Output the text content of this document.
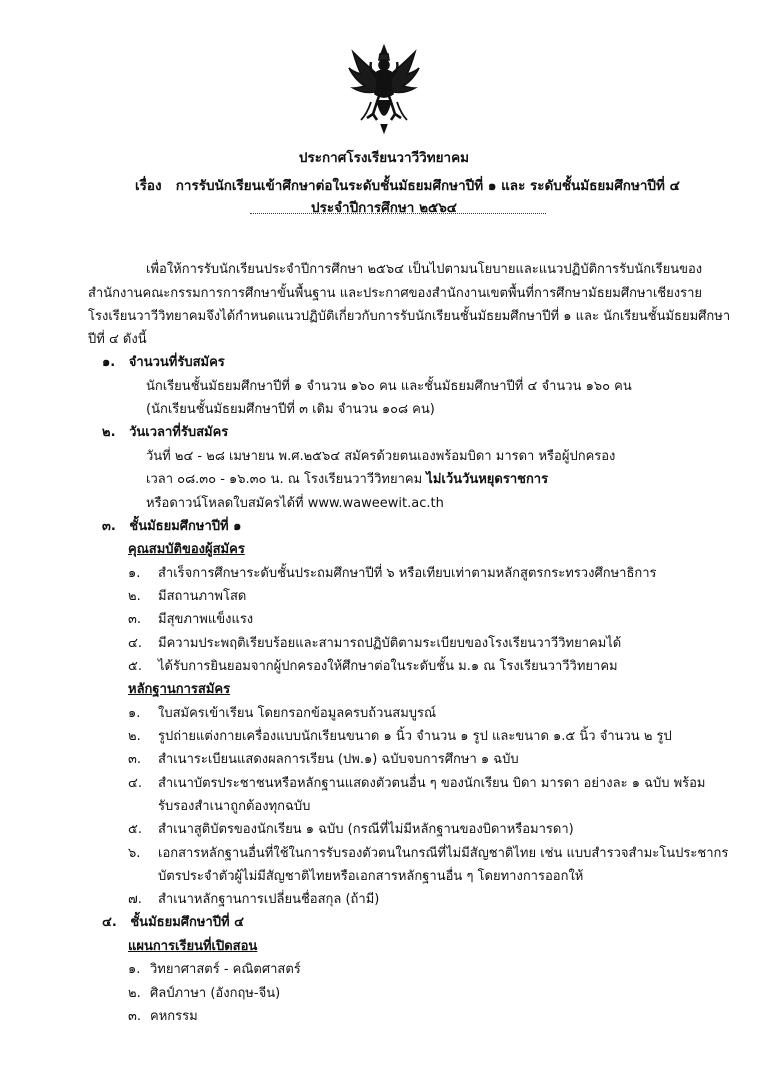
ประกาศโรงเรียนวาวีวิทยาคม
เรื่อง การรับนักเรียนเข้าศึกษาต่อในระดับชั้นมัธยมศึกษาปีที่ ๑ และ ระดับชั้นมัธยมศึกษาปีที่ ๔
ประจำปีการศึกษา ๒๕๖๔
เพื่อให้การรับนักเรียนประจำปีการศึกษา ๒๕๖๔ เป็นไปตามนโยบายและแนวปฏิบัติการรับนักเรียนของ
สำนักงานคณะกรรมการการศึกษาขั้นพื้นฐาน และประกาศของสำนักงานเขตพื้นที่การศึกษามัธยมศึกษาเชียงราย
โรงเรียนวาวีวิทยาคมจึงได้กำหนดแนวปฏิบัติเกี่ยวกับการรับนักเรียนชั้นมัธยมศึกษาปีที่ ๑ และ นักเรียนชั้นมัธยมศึกษา
ปีที่ ๔ ดังนี้
๑. จำนวนที่รับสมัคร
นักเรียนชั้นมัธยมศึกษาปีที่ ๑ จำนวน ๑๖๐ คน และชั้นมัธยมศึกษาปีที่ ๔ จำนวน ๑๖๐ คน
(นักเรียนชั้นมัธยมศึกษาปีที่ ๓ เดิม จำนวน ๑๐๘ คน)
๒. วันเวลาที่รับสมัคร
วันที่ ๒๔ - ๒๘ เมษายน พ.ศ.๒๕๖๔ สมัครด้วยตนเองพร้อมบิดา มารดา หรือผู้ปกครอง
เวลา ๐๘.๓๐ - ๑๖.๓๐ น. ณ โรงเรียนวาวีวิทยาคม ไม่เว้นวันหยุดราชการ
หรือดาวน์โหลดใบสมัครได้ที่ www.waweewit.ac.th
๓. ชั้นมัธยมศึกษาปีที่ ๑
คุณสมบัติของผู้สมัคร
๑. สำเร็จการศึกษาระดับชั้นประถมศึกษาปีที่ ๖ หรือเทียบเท่าตามหลักสูตรกระทรวงศึกษาธิการ
๒. มีสถานภาพโสด
๓. มีสุขภาพแข็งแรง
๔. มีความประพฤติเรียบร้อยและสามารถปฏิบัติตามระเบียบของโรงเรียนวาวีวิทยาคมได้
๕. ได้รับการยินยอมจากผู้ปกครองให้ศึกษาต่อในระดับชั้น ม.๑ ณ โรงเรียนวาวีวิทยาคม
หลักฐานการสมัคร
๑. ใบสมัครเข้าเรียน โดยกรอกข้อมูลครบถ้วนสมบูรณ์
๒. รูปถ่ายแต่งกายเครื่องแบบนักเรียนขนาด ๑ นิ้ว จำนวน ๑ รูป และขนาด ๑.๕ นิ้ว จำนวน ๒ รูป
๓. สำเนาระเบียนแสดงผลการเรียน (ปพ.๑) ฉบับจบการศึกษา ๑ ฉบับ
๔. สำเนาบัตรประชาชนหรือหลักฐานแสดงตัวตนอื่น ๆ ของนักเรียน บิดา มารดา อย่างละ ๑ ฉบับ พร้อม
รับรองสำเนาถูกต้องทุกฉบับ
๕. สำเนาสูติบัตรของนักเรียน ๑ ฉบับ (กรณีที่ไม่มีหลักฐานของบิดาหรือมารดา)
๖. เอกสารหลักฐานอื่นที่ใช้ในการรับรองตัวตนในกรณีที่ไม่มีสัญชาติไทย เช่น แบบสำรวจสำมะโนประชากร
บัตรประจำตัวผู้ไม่มีสัญชาติไทยหรือเอกสารหลักฐานอื่น ๆ โดยทางการออกให้
๗. สำเนาหลักฐานการเปลี่ยนชื่อสกุล (ถ้ามี)
๔. ชั้นมัธยมศึกษาปีที่ ๔
แผนการเรียนที่เปิดสอน
๑. วิทยาศาสตร์ - คณิตศาสตร์
๒. ศิลป์ภาษา (อังกฤษ-จีน)
๓. คหกรรม
